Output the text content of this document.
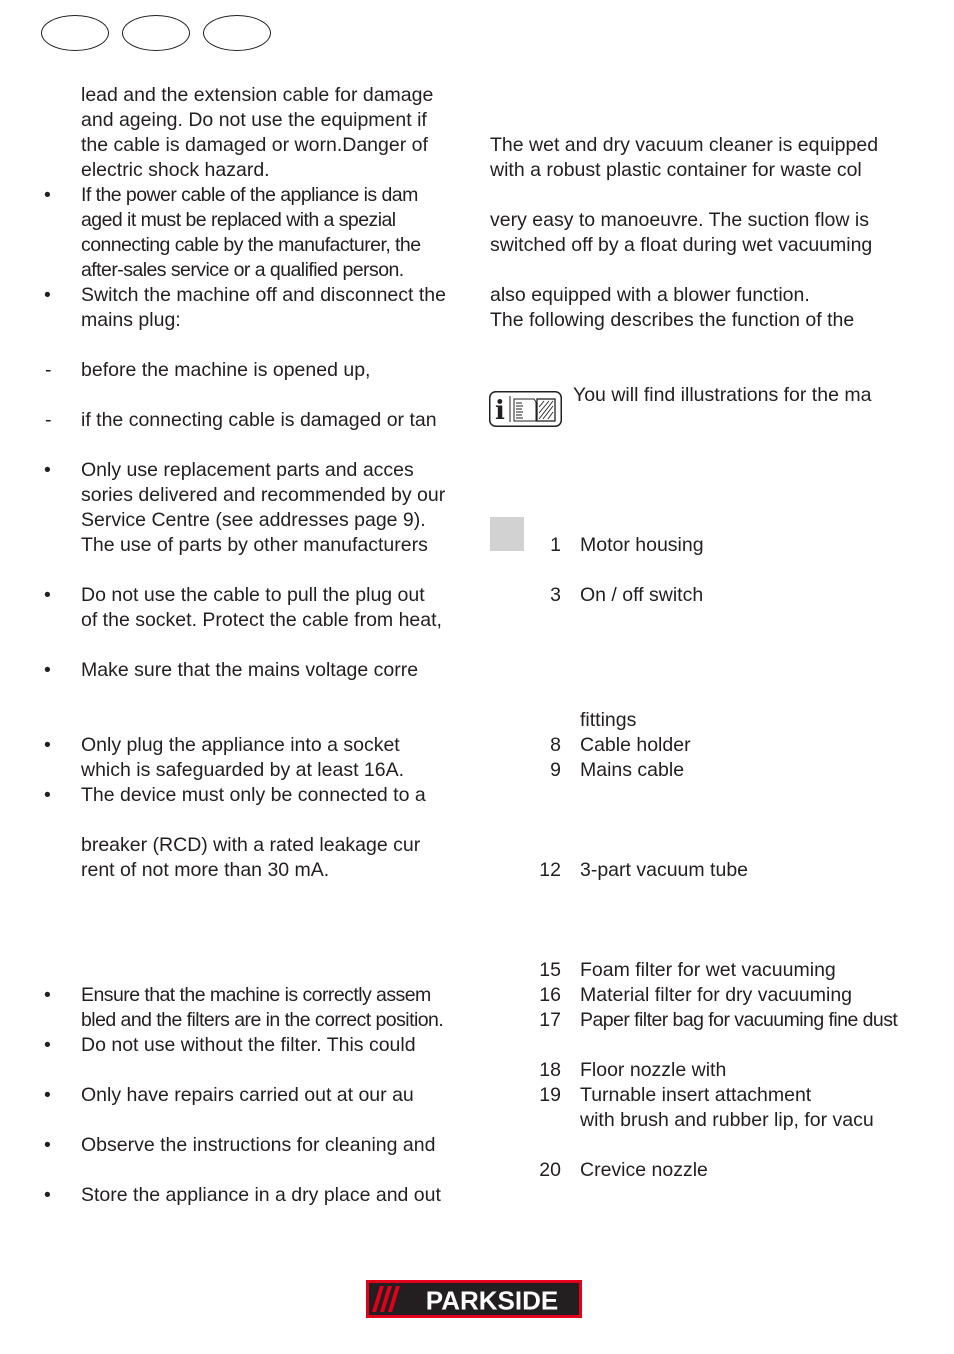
lead and the extension cable for damage
and ageing. Do not use the equipment if
the cable is damaged or worn.Danger of
electric shock hazard.
• If the power cable of the appliance is dam
aged it must be replaced with a spezial
connecting cable by the manufacturer, the
after-sales service or a qualified person.
• Switch the machine off and disconnect the
mains plug:
- before the machine is opened up,
- if the connecting cable is damaged or tan
• Only use replacement parts and acces
sories delivered and recommended by our
Service Centre (see addresses page 9).
The use of parts by other manufacturers
• Do not use the cable to pull the plug out
of the socket. Protect the cable from heat,
• Make sure that the mains voltage corre
• Only plug the appliance into a socket
which is safeguarded by at least 16A.
• The device must only be connected to a
breaker (RCD) with a rated leakage cur
rent of not more than 30 mA.
• Ensure that the machine is correctly assem
bled and the filters are in the correct position.
• Do not use without the filter. This could
• Only have repairs carried out at our au
• Observe the instructions for cleaning and
• Store the appliance in a dry place and out
The wet and dry vacuum cleaner is equipped
with a robust plastic container for waste col
very easy to manoeuvre. The suction flow is
switched off by a float during wet vacuuming
also equipped with a blower function.
The following describes the function of the
1 Motor housing
3 On / off switch
fittings
8 Cable holder
9 Mains cable
12 3-part vacuum tube
15 Foam filter for wet vacuuming
16 Material filter for dry vacuuming
17 Paper filter bag for vacuuming fine dust
18 Floor nozzle with
19 Turnable insert attachment
with brush and rubber lip, for vacu
20 Crevice nozzle
i
You will find illustrations for the ma
PARKSIDE
